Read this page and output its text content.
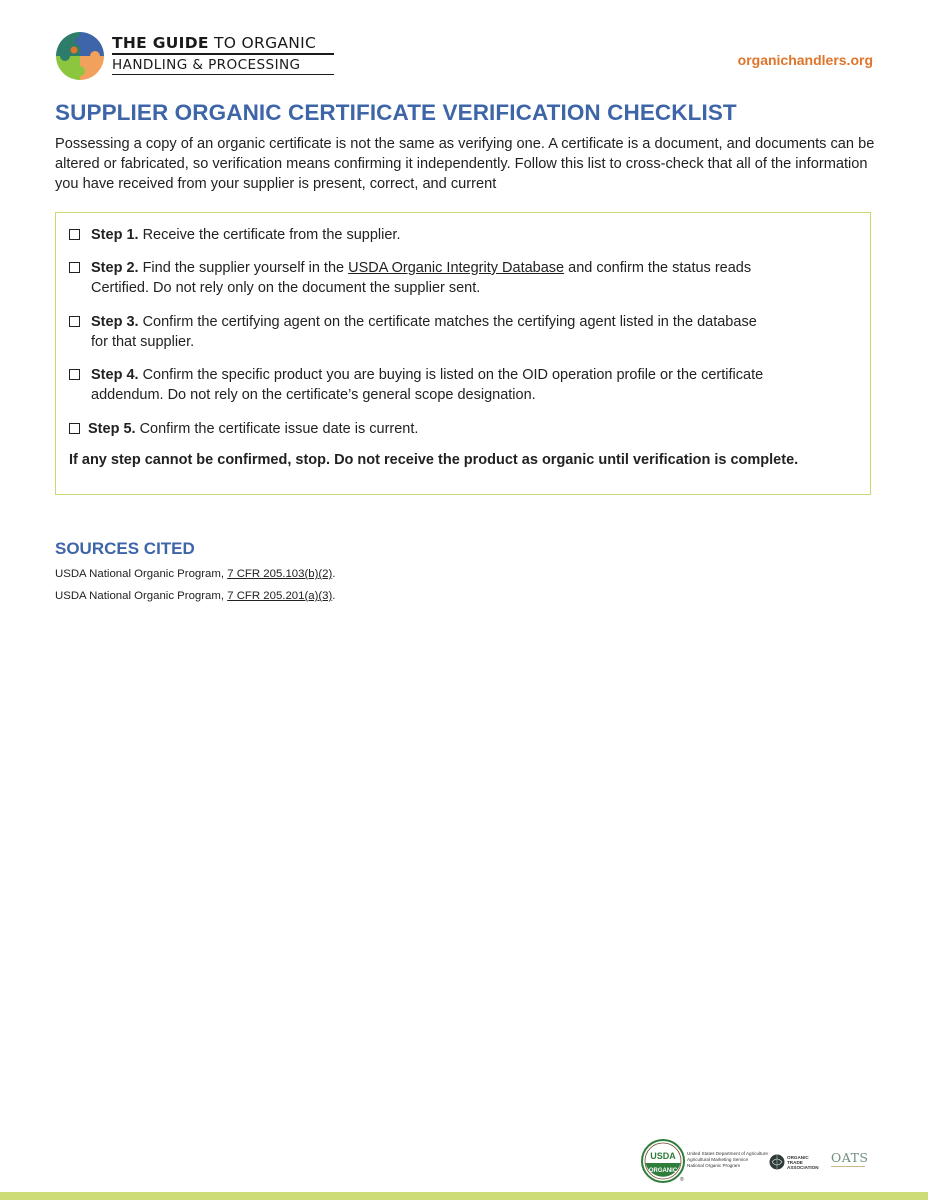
THE GUIDE TO ORGANIC
HANDLING & PROCESSING	organichandlers.org
SUPPLIER ORGANIC CERTIFICATE VERIFICATION CHECKLIST

Possessing a copy of an organic certificate is not the same as verifying one. A certificate is a document, and documents can be altered or fabricated, so verification means confirming it independently. Follow this list to cross-check that all of the information you have received from your supplier is present, correct, and current

Step 1. Receive the certificate from the supplier.
Step 2. Find the supplier yourself in the USDA Organic Integrity Database and confirm the status reads
Certified. Do not rely only on the document the supplier sent.
Step 3. Confirm the certifying agent on the certificate matches the certifying agent listed in the database
for that supplier.
Step 4. Confirm the specific product you are buying is listed on the OID operation profile or the certificate
addendum. Do not rely on the certificate’s general scope designation.
Step 5. Confirm the certificate issue date is current.

If any step cannot be confirmed, stop. Do not receive the product as organic until verification is complete.

SOURCES CITED
USDA National Organic Program, 7 CFR 205.103(b)(2).
USDA National Organic Program, 7 CFR 205.201(a)(3).
USDA
ORGANIC
®
United States Department of Agriculture
Agricultural Marketing Service
National Organic Program
ORGANIC
TRADE
ASSOCIATION
OATS
